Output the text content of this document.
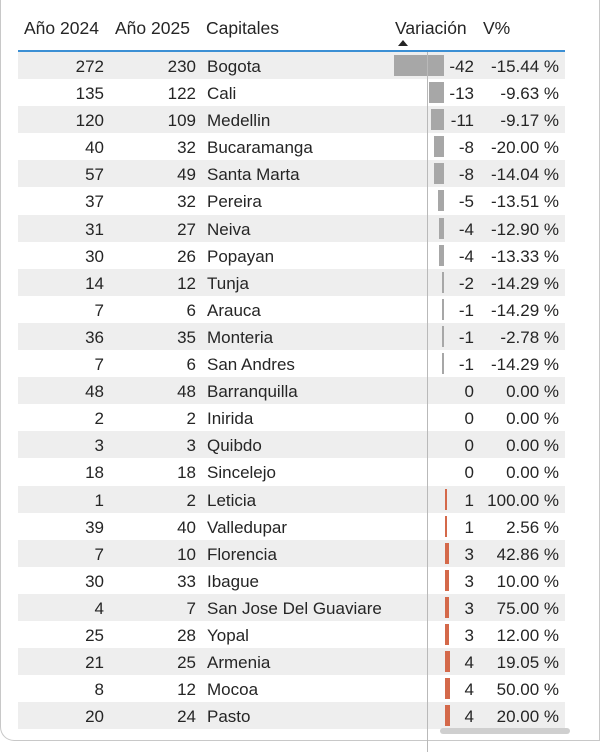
Año 2024 Año 2025 Capitales	Variación V%
272	230 Bogota	-42 -15.44 %
135	122 Cali	-13 -9.63 %
120	109 Medellin	-11 -9.17 %
40	32 Bucaramanga	-8 -20.00 %
57	49 Santa Marta	-8 -14.04 %
37	32 Pereira	-5 -13.51 %
31	27 Neiva	-4 -12.90 %
30	26 Popayan	-4 -13.33 %
14	12 Tunja	-2 -14.29 %
7	6 Arauca	-1 -14.29 %
36	35 Monteria	-1 -2.78 %
7	6 San Andres	-1 -14.29 %
48	48 Barranquilla	0 0.00 %
2	2 Inirida	0 0.00 %
3	3 Quibdo	0 0.00 %
18	18 Sincelejo	0 0.00 %
1	2 Leticia	1 100.00 %
39	40 Valledupar	1 2.56 %
7	10 Florencia	3 42.86 %
30	33 Ibague	3 10.00 %
4	7 San Jose Del Guaviare	3 75.00 %
25	28 Yopal	3 12.00 %
21	25 Armenia	4 19.05 %
8	12 Mocoa	4 50.00 %
20	24 Pasto	4 20.00 %
